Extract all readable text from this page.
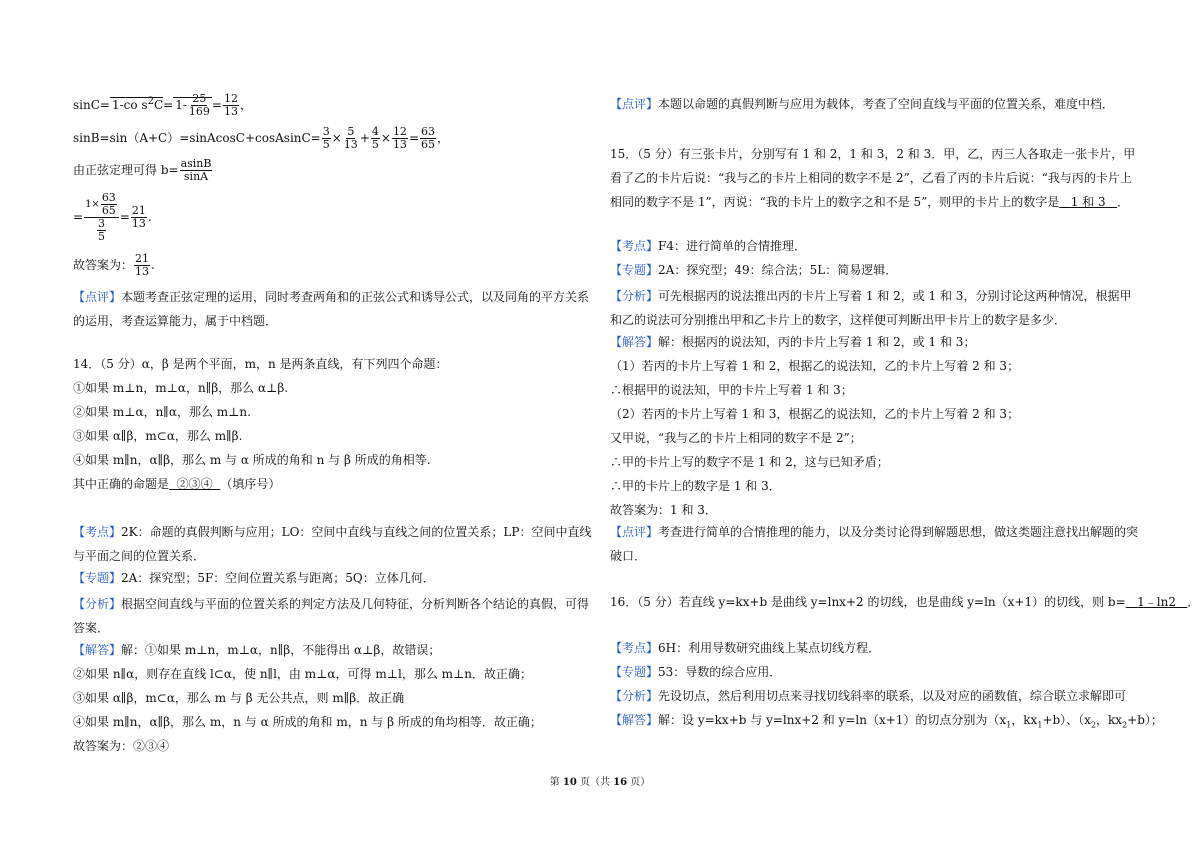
sinC= 1-co $s^2C= 1- \frac{25}{169} = \frac{12}{13}$ ，
sinB=sin（A+C）=sinAcosC+cosAsinC= $\frac{3}{5} \times \frac{5}{13} + \frac{4}{5} \times \frac{12}{13} = \frac{63}{65}$ ，
由正弦定理可得 $b= \frac{asinB}{\sin A}$
= $\frac{1\times \frac{63}{65}}{\frac{3}{5}} = \frac{21}{13}$ .
故答案为： $\frac{21}{13}$ .
【点评】本题考查正弦定理的运用，同时考查两角和的正弦公式和诱导公式，以及同角的平方关系的运用，考查运算能力，属于中档题．
14．（5 分）α，β 是两个平面，m，n 是两条直线，有下列四个命题：
①如果 m⊥n，m⊥α，n∥β，那么 α⊥β.
②如果 m⊥α，n∥α，那么 m⊥n.
③如果 α∥β，m⊂α，那么 m∥β.
④如果 m∥n，α∥β，那么 m 与 α 所成的角和 n 与 β 所成的角相等.
其中正确的命题是 ②③④ （填序号）
【考点】2K：命题的真假判断与应用；LO：空间中直线与直线之间的位置关系；LP：空间中直线与平面之间的位置关系．
【专题】2A：探究型；5F：空间位置关系与距离；5Q：立体几何．
【分析】根据空间直线与平面的位置关系的判定方法及几何特征，分析判断各个结论的真假，可得答案．
【解答】解：①如果 m⊥n，m⊥α，n∥β，不能得出 α⊥β，故错误；
②如果 n∥α，则存在直线 l⊂α，使 n∥l，由 m⊥α，可得 m⊥l，那么 m⊥n．故正确；
③如果 α∥β，m⊂α，那么 m 与 β 无公共点，则 m∥β．故正确
④如果 m∥n，α∥β，那么 m，n 与 α 所成的角和 m，n 与 β 所成的角均相等．故正确；
故答案为：②③④
【点评】本题以命题的真假判断与应用为载体，考查了空间直线与平面的位置关系，难度中档．
15．（5 分）有三张卡片，分别写有 1 和 2，1 和 3，2 和 3．甲，乙，丙三人各取走一张卡片，甲看了乙的卡片后说：“我与乙的卡片上相同的数字不是 2”，乙看了丙的卡片后说：“我与丙的卡片上相同的数字不是 1”，丙说：“我的卡片上的数字之和不是 5”，则甲的卡片上的数字是 1 和 3 ．
【考点】F4：进行简单的合情推理．
【专题】2A：探究型；49：综合法；5L：简易逻辑．
【分析】可先根据丙的说法推出丙的卡片上写着 1 和 2，或 1 和 3，分别讨论这两种情况，根据甲和乙的说法可分别推出甲和乙卡片上的数字，这样便可判断出甲卡片上的数字是多少．
【解答】解：根据丙的说法知，丙的卡片上写着 1 和 2，或 1 和 3；
（1）若丙的卡片上写着 1 和 2，根据乙的说法知，乙的卡片上写着 2 和 3；
∴根据甲的说法知，甲的卡片上写着 1 和 3；
（2）若丙的卡片上写着 1 和 3，根据乙的说法知，乙的卡片上写着 2 和 3；
又甲说，“我与乙的卡片上相同的数字不是 2”；
∴甲的卡片上写的数字不是 1 和 2，这与已知矛盾；
∴甲的卡片上的数字是 1 和 3．
故答案为：1 和 3．
【点评】考查进行简单的合情推理的能力，以及分类讨论得到解题思想，做这类题注意找出解题的突破口．
16．（5 分）若直线 y=kx+b 是曲线 y=lnx+2 的切线，也是曲线 y=ln（x+1）的切线，则 b= 1﹣ln2 ．
【考点】6H：利用导数研究曲线上某点切线方程．
【专题】53：导数的综合应用．
【分析】先设切点，然后利用切点来寻找切线斜率的联系，以及对应的函数值，综合联立求解即可
【解答】解：设 y=kx+b 与 y=lnx+2 和 y=ln（x+1）的切点分别为（$x_1$，$kx_1+b$）、（$x_2$，$kx_2+b$）；
第 10 页（共 16 页）
